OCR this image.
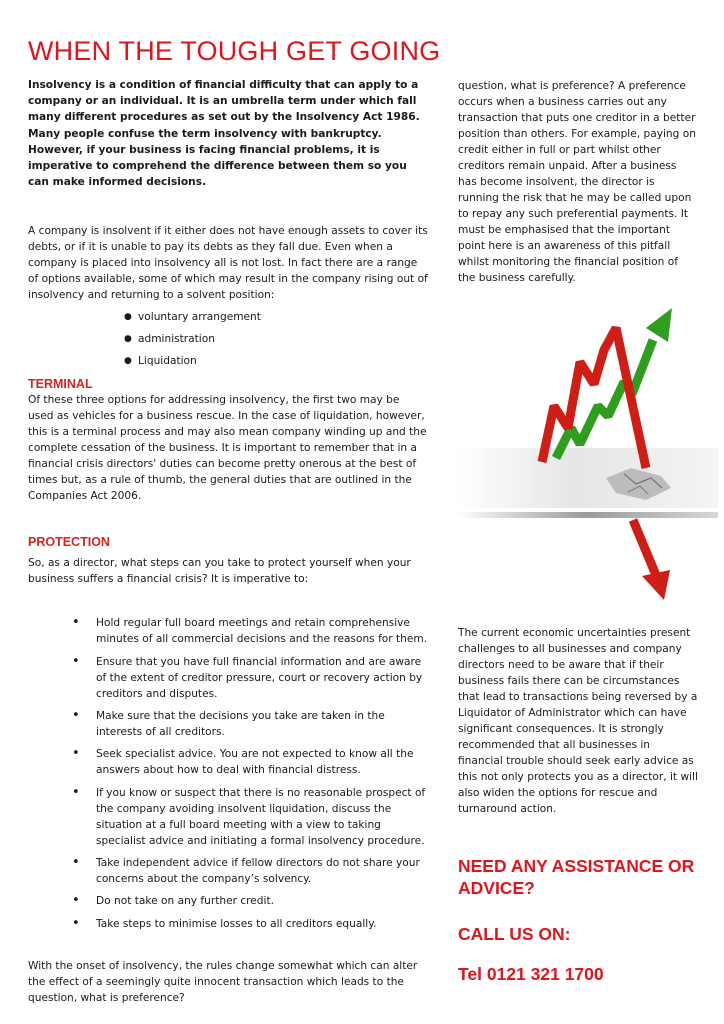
WHEN THE TOUGH GET GOING

Insolvency is a condition of financial difficulty that can apply to a company or an individual. It is an umbrella term under which fall many different procedures as set out by the Insolvency Act 1986. Many people confuse the term insolvency with bankruptcy. However, if your business is facing financial problems, it is imperative to comprehend the difference between them so you can make informed decisions.

A company is insolvent if it either does not have enough assets to cover its debts, or if it is unable to pay its debts as they fall due. Even when a company is placed into insolvency all is not lost. In fact there are a range of options available, some of which may result in the company rising out of insolvency and returning to a solvent position:

● voluntary arrangement
● administration
● Liquidation
TERMINAL

Of these three options for addressing insolvency, the first two may be used as vehicles for a business rescue. In the case of liquidation, however, this is a terminal process and may also mean company winding up and the complete cessation of the business. It is important to remember that in a financial crisis directors' duties can become pretty onerous at the best of times but, as a rule of thumb, the general duties that are outlined in the Companies Act 2006.

PROTECTION

So, as a director, what steps can you take to protect yourself when your business suffers a financial crisis? It is imperative to:

• Hold regular full board meetings and retain comprehensive minutes of all commercial decisions and the reasons for them.
• Ensure that you have full financial information and are aware of the extent of creditor pressure, court or recovery action by creditors and disputes.
• Make sure that the decisions you take are taken in the interests of all creditors.
• Seek specialist advice. You are not expected to know all the answers about how to deal with financial distress.
• If you know or suspect that there is no reasonable prospect of the company avoiding insolvent liquidation, discuss the situation at a full board meeting with a view to taking specialist advice and initiating a formal insolvency procedure.
• Take independent advice if fellow directors do not share your concerns about the company’s solvency.
• Do not take on any further credit.
• Take steps to minimise losses to all creditors equally.

With the onset of insolvency, the rules change somewhat which can alter the effect of a seemingly quite innocent transaction which leads to the question, what is preference?

question, what is preference? A preference occurs when a business carries out any transaction that puts one creditor in a better position than others. For example, paying on credit either in full or part whilst other creditors remain unpaid. After a business has become insolvent, the director is running the risk that he may be called upon to repay any such preferential payments. It must be emphasised that the important point here is an awareness of this pitfall whilst monitoring the financial position of the business carefully.

The current economic uncertainties present challenges to all businesses and company directors need to be aware that if their business fails there can be circumstances that lead to transactions being reversed by a Liquidator of Administrator which can have significant consequences. It is strongly recommended that all businesses in financial trouble should seek early advice as this not only protects you as a director, it will also widen the options for rescue and turnaround action.

NEED ANY ASSISTANCE OR ADVICE?

CALL US ON:

Tel 0121 321 1700
